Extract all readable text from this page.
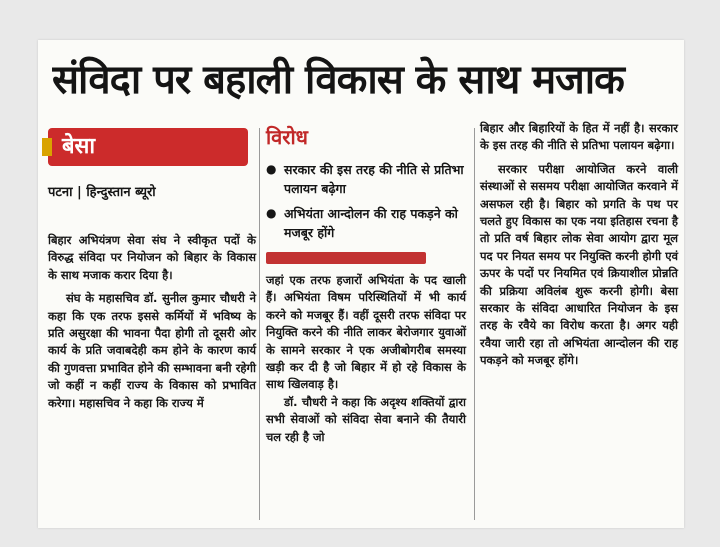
संविदा पर बहाली विकास के साथ मजाक
बेसा
पटना | हिन्दुस्तान ब्यूरो

बिहार अभियंत्रण सेवा संघ ने स्वीकृत पदों के विरुद्ध संविदा पर नियोजन को बिहार के विकास के साथ मजाक करार दिया है।

संघ के महासचिव डॉ. सुनील कुमार चौधरी ने कहा कि एक तरफ इससे कर्मियों में भविष्य के प्रति असुरक्षा की भावना पैदा होगी तो दूसरी ओर कार्य के प्रति जवाबदेही कम होने के कारण कार्य की गुणवत्ता प्रभावित होने की सम्भावना बनी रहेगी जो कहीं न कहीं राज्य के विकास को प्रभावित करेगा। महासचिव ने कहा कि राज्य में

विरोध
● सरकार की इस तरह की नीति से प्रतिभा पलायन बढ़ेगा
● अभियंता आन्दोलन की राह पकड़ने को मजबूर होंगे

जहां एक तरफ हजारों अभियंता के पद खाली हैं। अभियंता विषम परिस्थितियों में भी कार्य करने को मजबूर हैं। वहीं दूसरी तरफ संविदा पर नियुक्ति करने की नीति लाकर बेरोजगार युवाओं के सामने सरकार ने एक अजीबोगरीब समस्या खड़ी कर दी है जो बिहार में हो रहे विकास के साथ खिलवाड़ है।

डॉ. चौधरी ने कहा कि अदृश्य शक्तियों द्वारा सभी सेवाओं को संविदा सेवा बनाने की तैयारी चल रही है जो

बिहार और बिहारियों के हित में नहीं है। सरकार के इस तरह की नीति से प्रतिभा पलायन बढ़ेगा।

सरकार परीक्षा आयोजित करने वाली संस्थाओं से ससमय परीक्षा आयोजित करवाने में असफल रही है। बिहार को प्रगति के पथ पर चलते हुए विकास का एक नया इतिहास रचना है तो प्रति वर्ष बिहार लोक सेवा आयोग द्वारा मूल पद पर नियत समय पर नियुक्ति करनी होगी एवं ऊपर के पदों पर नियमित एवं क्रियाशील प्रोन्नति की प्रक्रिया अविलंब शुरू करनी होगी। बेसा सरकार के संविदा आधारित नियोजन के इस तरह के रवैये का विरोध करता है। अगर यही रवैया जारी रहा तो अभियंता आन्दोलन की राह पकड़ने को मजबूर होंगे।
